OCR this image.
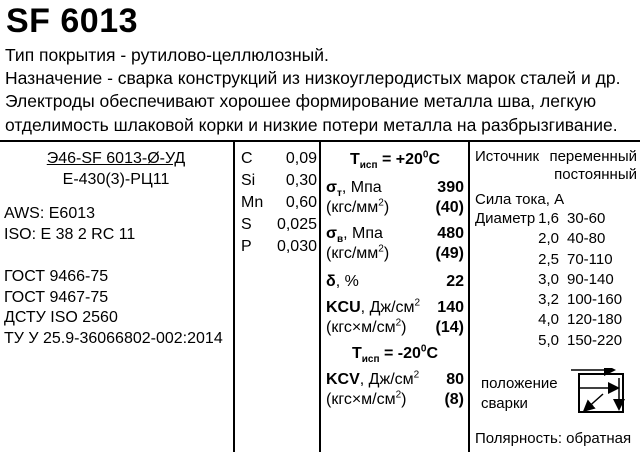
SF 6013
Тип покрытия - рутилово-целлюлозный.
Назначение - сварка конструкций из низкоуглеродистых марок сталей и др.
Электроды обеспечивают хорошее формирование металла шва, легкую
отделимость шлаковой корки и низкие потери металла на разбрызгивание.
Э46-SF 6013-Ø-УД
Е-430(3)-РЦ11
AWS: E6013
ISO: E 38 2 RC 11
ГОСТ 9466-75
ГОСТ 9467-75
ДСТУ ISO 2560
ТУ У 25.9-36066802-002:2014
C 0,09
Si 0,30
Mn 0,60
S 0,025
P 0,030
$Т_{исп} = +20^0С$
$\sigma_т$, Мпа	390
$(кгс/мм^2)$	(40)
$\sigma_в$, Мпа	480
$(кгс/мм^2)$	(49)
δ, %	22
KCU, $Дж/см^2$ 140
$(кгс\times м/см^2)$ (14)
$Т_{исп} = -20^0С$
KCV, $Дж/см^2$ 80
$(кгс\times м/см^2)$ (8)
Источник переменный
постоянный
Сила тока, А
Диаметр 1,6 30-60
2,0 40-80
2,5 70-110
3,0 90-140
3,2 100-160
4,0 120-180
5,0 150-220
положение
сварки
Полярность: обратная
